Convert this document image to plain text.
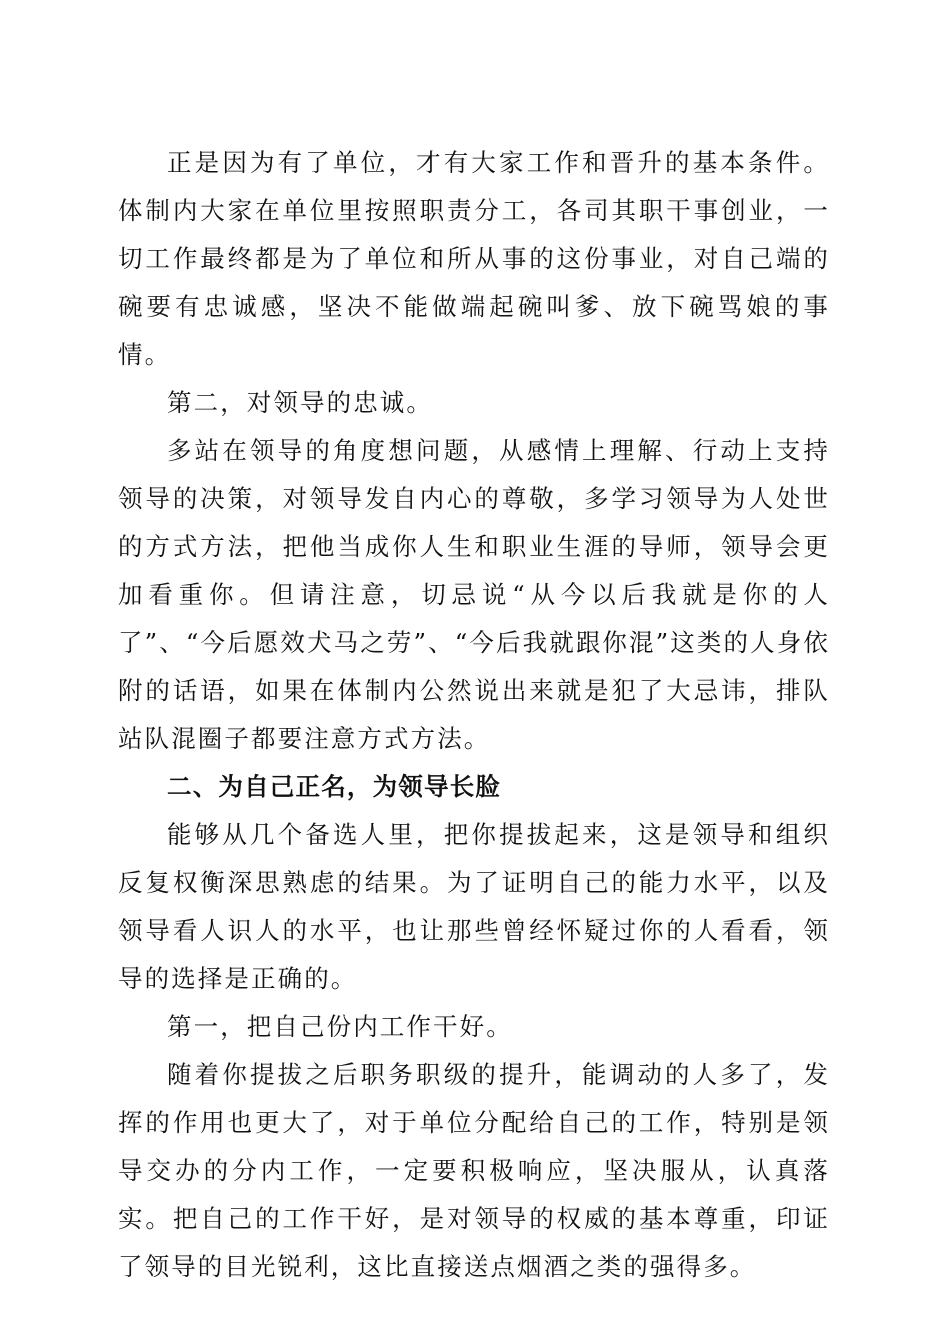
正是因为有了单位，才有大家工作和晋升的基本条件。体制内大家在单位里按照职责分工，各司其职干事创业，一切工作最终都是为了单位和所从事的这份事业，对自己端的碗要有忠诚感，坚决不能做端起碗叫爹、放下碗骂娘的事情。

第二，对领导的忠诚。

多站在领导的角度想问题，从感情上理解、行动上支持领导的决策，对领导发自内心的尊敬，多学习领导为人处世的方式方法，把他当成你人生和职业生涯的导师，领导会更加看重你。但请注意，切忌说“从今以后我就是你的人了”、“今后愿效犬马之劳”、“今后我就跟你混”这类的人身依附的话语，如果在体制内公然说出来就是犯了大忌讳，排队站队混圈子都要注意方式方法。

二、为自己正名，为领导长脸

能够从几个备选人里，把你提拔起来，这是领导和组织反复权衡深思熟虑的结果。为了证明自己的能力水平，以及领导看人识人的水平，也让那些曾经怀疑过你的人看看，领导的选择是正确的。

第一，把自己份内工作干好。

随着你提拔之后职务职级的提升，能调动的人多了，发挥的作用也更大了，对于单位分配给自己的工作，特别是领导交办的分内工作，一定要积极响应，坚决服从，认真落实。把自己的工作干好，是对领导的权威的基本尊重，印证了领导的目光锐利，这比直接送点烟酒之类的强得多。
